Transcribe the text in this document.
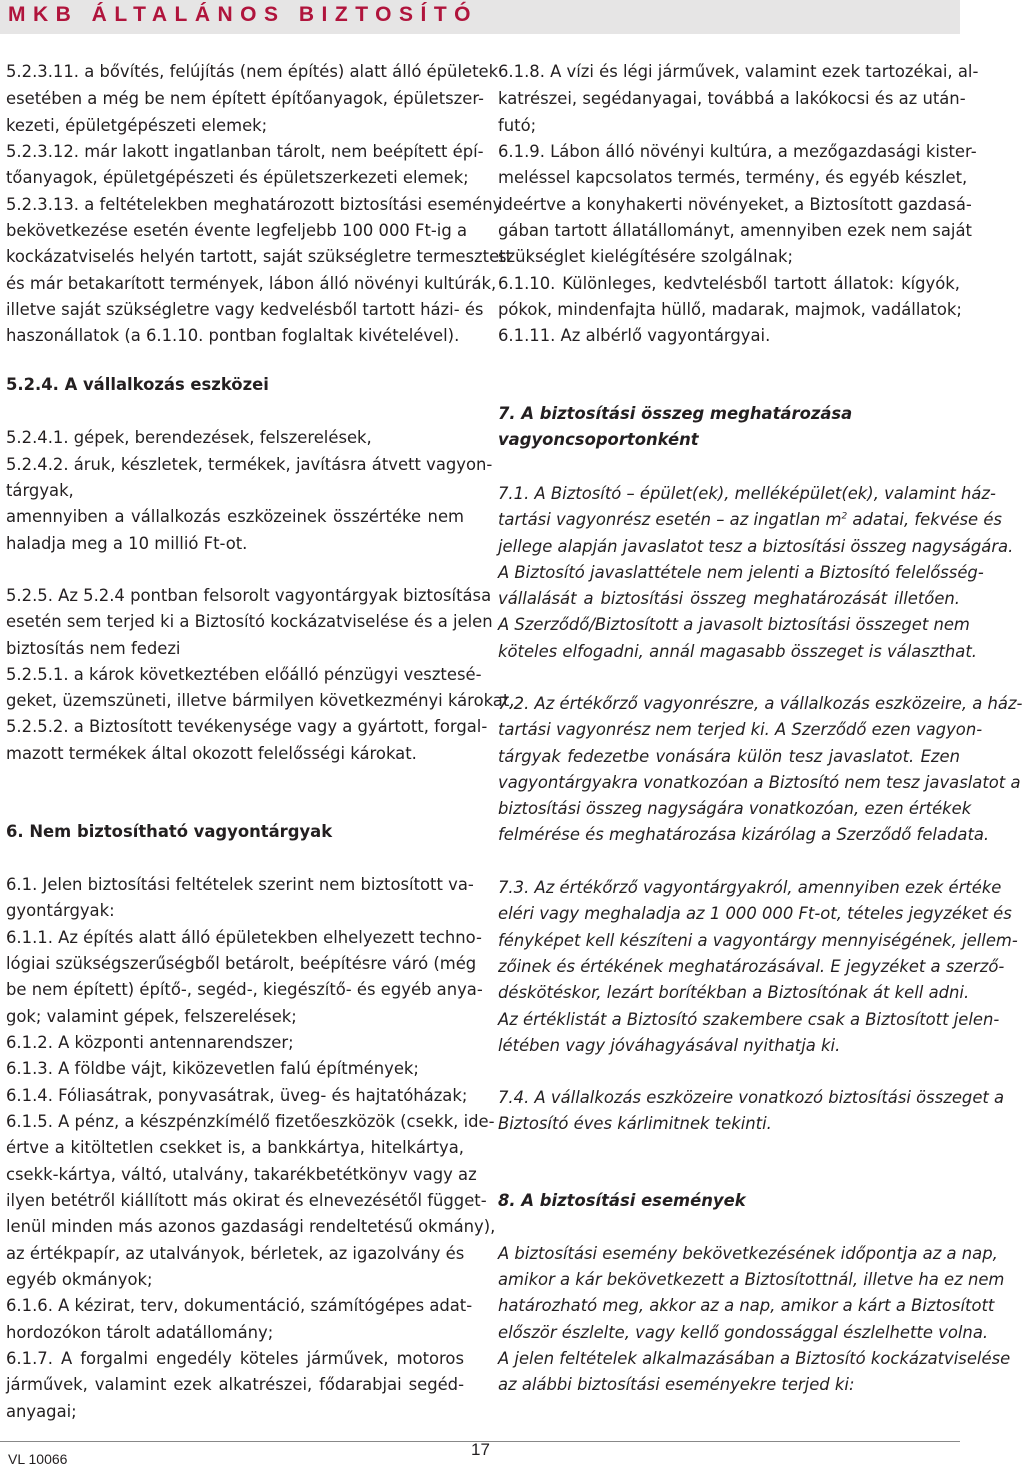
MKB ÁLTALÁNOS BIZTOSÍTÓ
5.2.3.11. a bővítés, felújítás (nem építés) alatt álló épületek
esetében a még be nem épített építőanyagok, épületszer-
kezeti, épületgépészeti elemek;
5.2.3.12. már lakott ingatlanban tárolt, nem beépített épí-
tőanyagok, épületgépészeti és épületszerkezeti elemek;
5.2.3.13. a feltételekben meghatározott biztosítási esemény
bekövetkezése esetén évente legfeljebb 100 000 Ft-ig a
kockázatviselés helyén tartott, saját szükségletre termesztett
és már betakarított termények, lábon álló növényi kultúrák,
illetve saját szükségletre vagy kedvelésből tartott házi- és
haszonállatok (a 6.1.10. pontban foglaltak kivételével).
5.2.4. A vállalkozás eszközei
5.2.4.1. gépek, berendezések, felszerelések,
5.2.4.2. áruk, készletek, termékek, javításra átvett vagyon-
tárgyak,
amennyiben a vállalkozás eszközeinek összértéke nem
haladja meg a 10 millió Ft-ot.
5.2.5. Az 5.2.4 pontban felsorolt vagyontárgyak biztosítása
esetén sem terjed ki a Biztosító kockázatviselése és a jelen
biztosítás nem fedezi
5.2.5.1. a károk következtében előálló pénzügyi vesztesé-
geket, üzemszüneti, illetve bármilyen következményi károkat,
5.2.5.2. a Biztosított tevékenysége vagy a gyártott, forgal-
mazott termékek által okozott felelősségi károkat.
6. Nem biztosítható vagyontárgyak
6.1. Jelen biztosítási feltételek szerint nem biztosított va-
gyontárgyak:
6.1.1. Az építés alatt álló épületekben elhelyezett techno-
lógiai szükségszerűségből betárolt, beépítésre váró (még
be nem épített) építő-, segéd-, kiegészítő- és egyéb anya-
gok; valamint gépek, felszerelések;
6.1.2. A központi antennarendszer;
6.1.3. A földbe vájt, kiközevetlen falú építmények;
6.1.4. Fóliasátrak, ponyvasátrak, üveg- és hajtatóházak;
6.1.5. A pénz, a készpénzkímélő fizetőeszközök (csekk, ide-
értve a kitöltetlen csekket is, a bankkártya, hitelkártya,
csekk-kártya, váltó, utalvány, takarékbetétkönyv vagy az
ilyen betétről kiállított más okirat és elnevezésétől függet-
lenül minden más azonos gazdasági rendeltetésű okmány),
az értékpapír, az utalványok, bérletek, az igazolvány és
egyéb okmányok;
6.1.6. A kézirat, terv, dokumentáció, számítógépes adat-
hordozókon tárolt adatállomány;
6.1.7. A forgalmi engedély köteles járművek, motoros
járművek, valamint ezek alkatrészei, fődarabjai segéd-
anyagai;
6.1.8. A vízi és légi járművek, valamint ezek tartozékai, al-
katrészei, segédanyagai, továbbá a lakókocsi és az után-
futó;
6.1.9. Lábon álló növényi kultúra, a mezőgazdasági kister-
meléssel kapcsolatos termés, termény, és egyéb készlet,
ideértve a konyhakerti növényeket, a Biztosított gazdasá-
gában tartott állatállományt, amennyiben ezek nem saját
szükséglet kielégítésére szolgálnak;
6.1.10. Különleges, kedvtelésből tartott állatok: kígyók,
pókok, mindenfajta hüllő, madarak, majmok, vadállatok;
6.1.11. Az albérlő vagyontárgyai.
7. A biztosítási összeg meghatározása
vagyoncsoportonként
7.1. A Biztosító – épület(ek), melléképület(ek), valamint ház-
tartási vagyonrész esetén – az ingatlan $m^2$ adatai, fekvése és
jellege alapján javaslatot tesz a biztosítási összeg nagyságára.
A Biztosító javaslattétele nem jelenti a Biztosító felelősség-
vállalását a biztosítási összeg meghatározását illetően.
A Szerződő/Biztosított a javasolt biztosítási összeget nem
köteles elfogadni, annál magasabb összeget is választhat.
7.2. Az értékőrző vagyonrészre, a vállalkozás eszközeire, a ház-
tartási vagyonrész nem terjed ki. A Szerződő ezen vagyon-
tárgyak fedezetbe vonására külön tesz javaslatot. Ezen
vagyontárgyakra vonatkozóan a Biztosító nem tesz javaslatot a
biztosítási összeg nagyságára vonatkozóan, ezen értékek
felmérése és meghatározása kizárólag a Szerződő feladata.
7.3. Az értékőrző vagyontárgyakról, amennyiben ezek értéke
eléri vagy meghaladja az 1 000 000 Ft-ot, tételes jegyzéket és
fényképet kell készíteni a vagyontárgy mennyiségének, jellem-
zőinek és értékének meghatározásával. E jegyzéket a szerző-
déskötéskor, lezárt borítékban a Biztosítónak át kell adni.
Az értéklistát a Biztosító szakembere csak a Biztosított jelen-
létében vagy jóváhagyásával nyithatja ki.
7.4. A vállalkozás eszközeire vonatkozó biztosítási összeget a
Biztosító éves kárlimitnek tekinti.
8. A biztosítási események
A biztosítási esemény bekövetkezésének időpontja az a nap,
amikor a kár bekövetkezett a Biztosítottnál, illetve ha ez nem
határozható meg, akkor az a nap, amikor a kárt a Biztosított
először észlelte, vagy kellő gondossággal észlelhette volna.
A jelen feltételek alkalmazásában a Biztosító kockázatviselése
az alábbi biztosítási eseményekre terjed ki:
VL 10066	17
